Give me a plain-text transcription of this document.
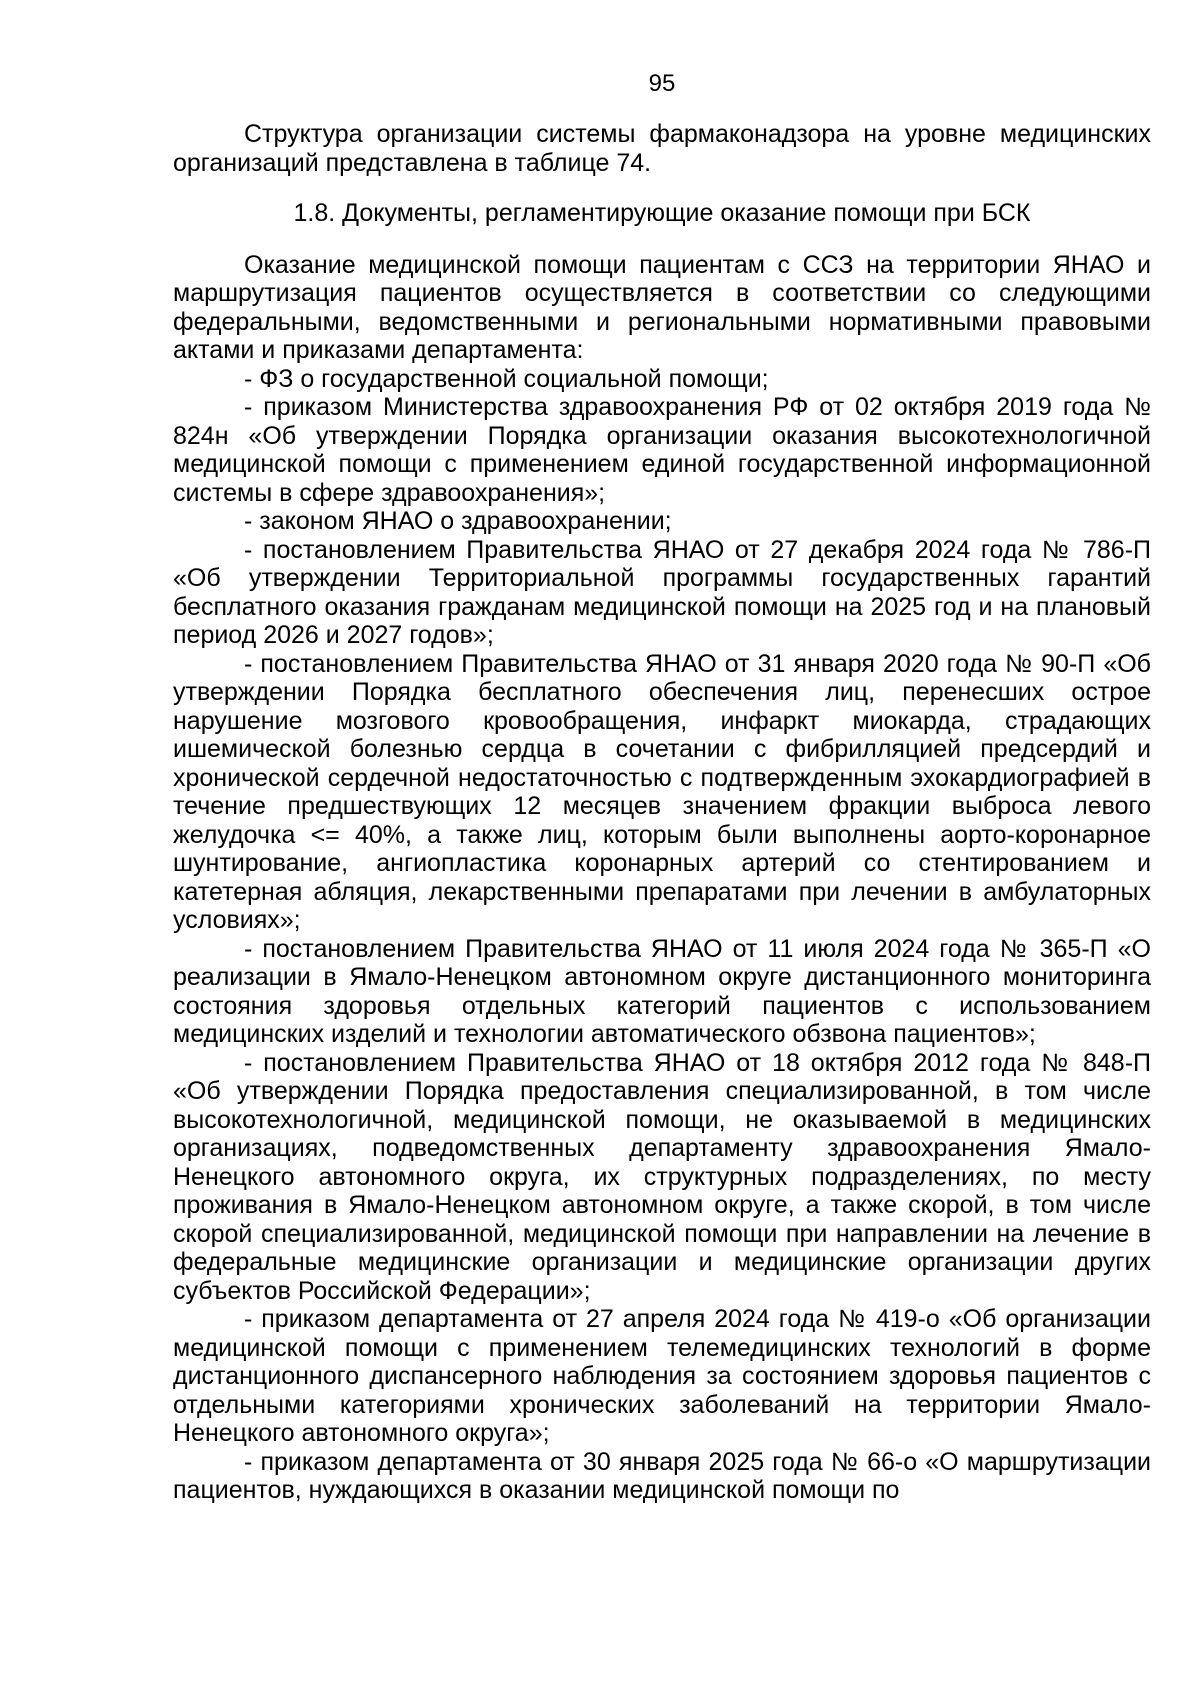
95

Структура организации системы фармаконадзора на уровне медицинских организаций представлена в таблице 74.

1.8. Документы, регламентирующие оказание помощи при БСК

Оказание медицинской помощи пациентам с ССЗ на территории ЯНАО и маршрутизация пациентов осуществляется в соответствии со следующими федеральными, ведомственными и региональными нормативными правовыми актами и приказами департамента:

- ФЗ о государственной социальной помощи;

- приказом Министерства здравоохранения РФ от 02 октября 2019 года № 824н «Об утверждении Порядка организации оказания высокотехнологичной медицинской помощи с применением единой государственной информационной системы в сфере здравоохранения»;

- законом ЯНАО о здравоохранении;

- постановлением Правительства ЯНАО от 27 декабря 2024 года № 786-П «Об утверждении Территориальной программы государственных гарантий бесплатного оказания гражданам медицинской помощи на 2025 год и на плановый период 2026 и 2027 годов»;

- постановлением Правительства ЯНАО от 31 января 2020 года № 90-П «Об утверждении Порядка бесплатного обеспечения лиц, перенесших острое нарушение мозгового кровообращения, инфаркт миокарда, страдающих ишемической болезнью сердца в сочетании с фибрилляцией предсердий и хронической сердечной недостаточностью с подтвержденным эхокардиографией в течение предшествующих 12 месяцев значением фракции выброса левого желудочка <= 40%, а также лиц, которым были выполнены аорто-коронарное шунтирование, ангиопластика коронарных артерий со стентированием и катетерная абляция, лекарственными препаратами при лечении в амбулаторных условиях»;

- постановлением Правительства ЯНАО от 11 июля 2024 года № 365-П «О реализации в Ямало-Ненецком автономном округе дистанционного мониторинга состояния здоровья отдельных категорий пациентов с использованием медицинских изделий и технологии автоматического обзвона пациентов»;

- постановлением Правительства ЯНАО от 18 октября 2012 года № 848-П «Об утверждении Порядка предоставления специализированной, в том числе высокотехнологичной, медицинской помощи, не оказываемой в медицинских организациях, подведомственных департаменту здравоохранения Ямало-Ненецкого автономного округа, их структурных подразделениях, по месту проживания в Ямало-Ненецком автономном округе, а также скорой, в том числе скорой специализированной, медицинской помощи при направлении на лечение в федеральные медицинские организации и медицинские организации других субъектов Российской Федерации»;

- приказом департамента от 27 апреля 2024 года № 419-о «Об организации медицинской помощи с применением телемедицинских технологий в форме дистанционного диспансерного наблюдения за состоянием здоровья пациентов с отдельными категориями хронических заболеваний на территории Ямало-Ненецкого автономного округа»;

- приказом департамента от 30 января 2025 года № 66-о «О маршрутизации пациентов, нуждающихся в оказании медицинской помощи по
